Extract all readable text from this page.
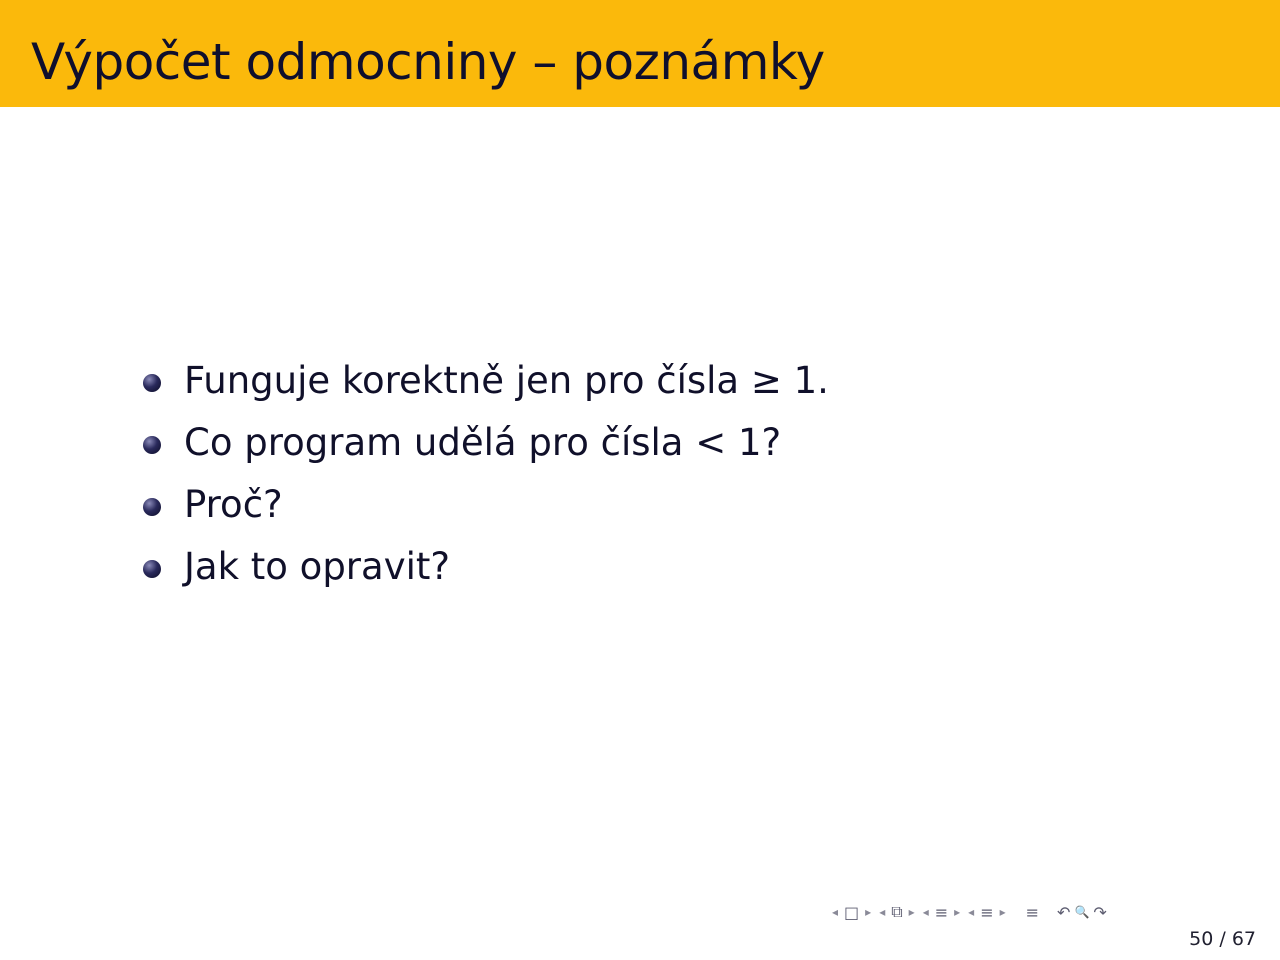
Výpočet odmocniny – poznámky
Funguje korektně jen pro čísla ≥ 1.
Co program udělá pro čísla < 1?
Proč?
Jak to opravit?
◂ □ ▸ ◂ ⧉ ▸ ◂ ≡ ▸ ◂ ≡ ▸ ≡ ↶ 🔍 ↷
50 / 67
